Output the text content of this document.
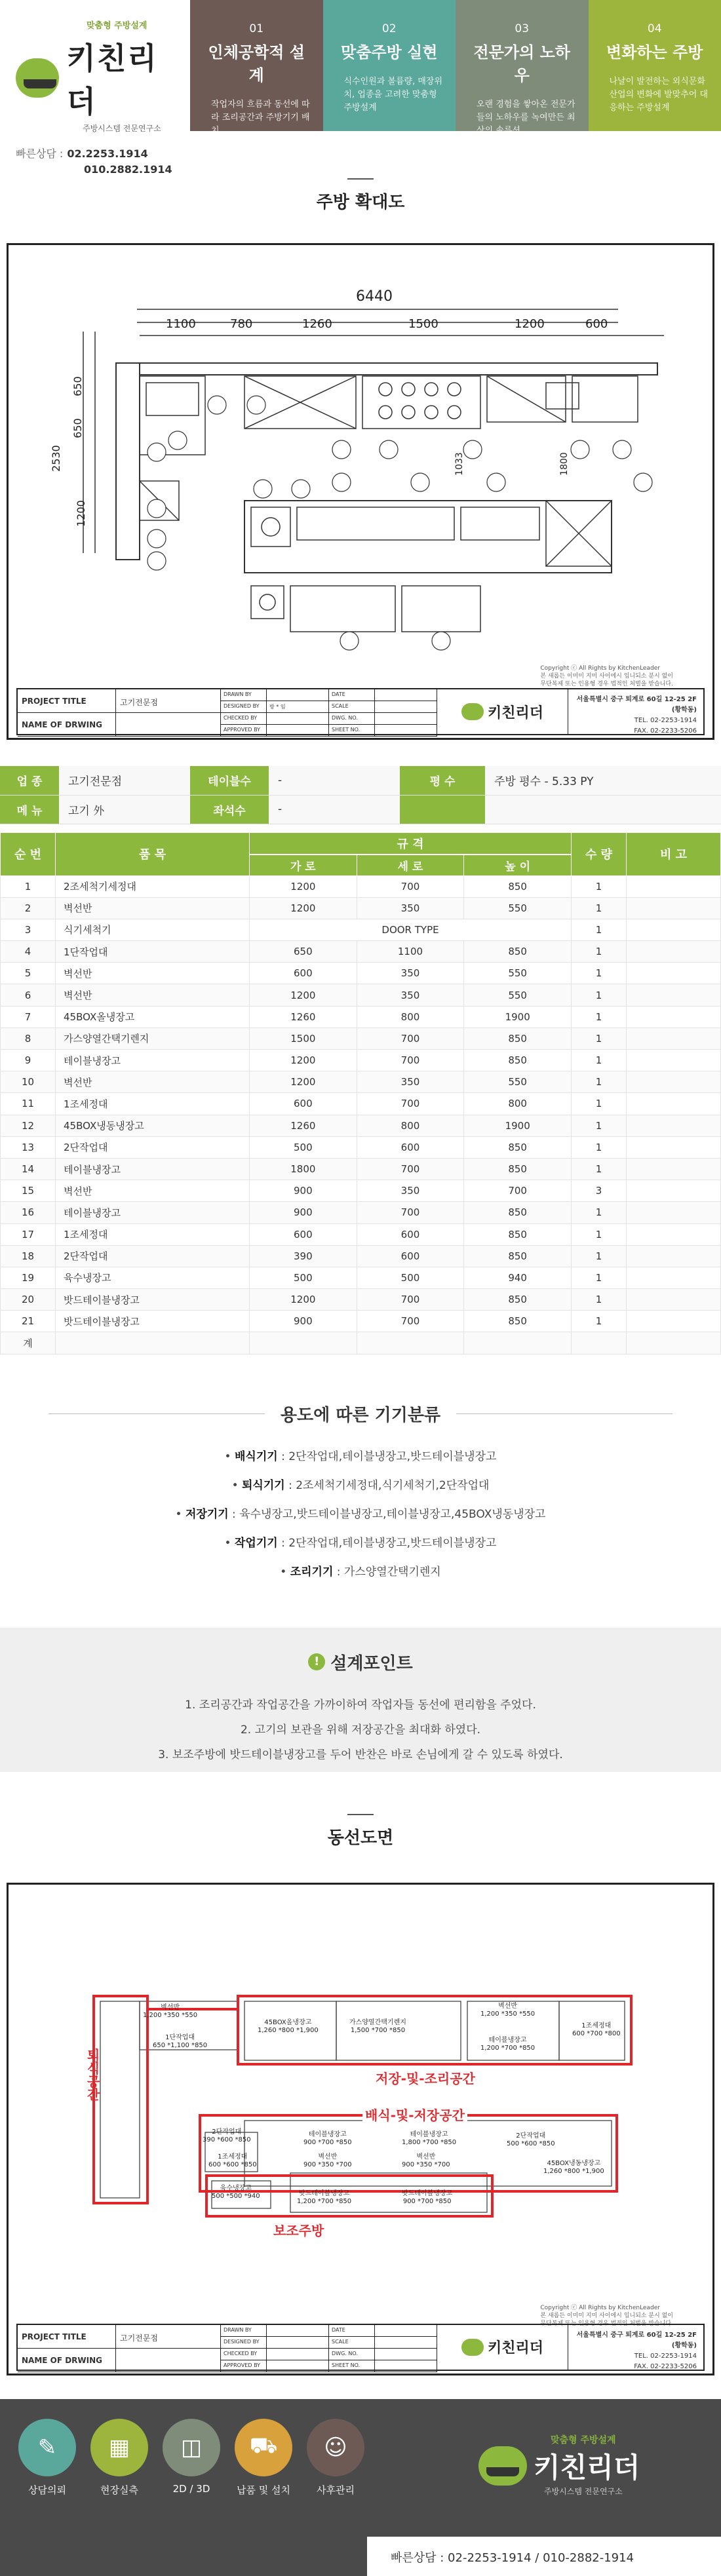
맞춤형 주방설계
키친리더
주방시스템 전문연구소
빠른상담 : 02.2253.1914
010.2882.1914
01
인체공학적 설계
작업자의 흐름과 동선에 따라 조리공간과 주방기기 배치
02
맞춤주방 실현
식수인원과 볼륨량, 매장위치, 업종을 고려한 맞춤형 주방설계
03
전문가의 노하우
오랜 경험을 쌓아온 전문가들의 노하우를 녹여만든 최상의 솔루션
04
변화하는 주방
나날이 발전하는 외식문화 산업의 변화에 발맞추어 대응하는 주방설계
주방 확대도
6440
1100	780	1260	1500	1200	600
650
650
2530
1200
1033	1800
Copyright ⓒ All Rights by KitchenLeader
본 새롭든 이미미 지미 사이에시 입니되소 분시 없이
무단복제 또는 인용형 경우 법적인 처벌을 받습니다.
PROJECT TITLE	고기전문점
NAME OF DRWING
DRAWN BY	DATE
DESIGNED BY	방 * 임	SCALE
CHECKED BY	DWG. NO.
APPROVED BY	SHEET NO.
키친리더
서울특별시 중구 퇴계로 60길 12-25 2F (황학동)
TEL. 02-2253-1914
FAX. 02-2233-5206
업 종	고기전문점	테이블수	-	평 수	주방 평수 - 5.33 PY
메 뉴	고기 外	좌석수	-		
순 번	품 목	규 격			수 량	비 고
		가 로	세 로	높 이		
1	2조세척기세정대	1200	700	850	1	
2	벽선반	1200	350	550	1	
3	식기세척기	DOOR TYPE			1	
4	1단작업대	650	1100	850	1	
5	벽선반	600	350	550	1	
6	벽선반	1200	350	550	1	
7	45BOX올냉장고	1260	800	1900	1	
8	가스양열간택기렌지	1500	700	850	1	
9	테이블냉장고	1200	700	850	1	
10	벽선반	1200	350	550	1	
11	1조세정대	600	700	800	1	
12	45BOX냉동냉장고	1260	800	1900	1	
13	2단작업대	500	600	850	1	
14	테이블냉장고	1800	700	850	1	
15	벽선반	900	350	700	3	
16	테이블냉장고	900	700	850	1	
17	1조세정대	600	600	850	1	
18	2단작업대	390	600	850	1	
19	육수냉장고	500	500	940	1	
20	밧드테이블냉장고	1200	700	850	1	
21	밧드테이블냉장고	900	700	850	1	
계						
용도에 따른 기기분류
• 배식기기 : 2단작업대,테이블냉장고,밧드테이블냉장고
• 퇴식기기 : 2조세척기세정대,식기세척기,2단작업대
• 저장기기 : 육수냉장고,밧드테이블냉장고,테이블냉장고,45BOX냉동냉장고
• 작업기기 : 2단작업대,테이블냉장고,밧드테이블냉장고
• 조리기기 : 가스양열간택기렌지
! 설계포인트
1. 조리공간과 작업공간을 가까이하여 작업자들 동선에 편리함을 주었다.
2. 고기의 보관을 위해 저장공간을 최대화 하였다.
3. 보조주방에 밧드테이블냉장고를 두어 반찬은 바로 손님에게 갈 수 있도록 하였다.
동선도면
퇴식공간	저장-및-조리공간
배식-및-저장공간
보조주방
벽선반
1,200 *350 *550
1단작업대
650 *1,100 *850
45BOX올냉장고
1,260 *800 *1,900
가스양열간택기렌지
1,500 *700 *850
벽선반
1,200 *350 *550
테이블냉장고
1,200 *700 *850
1조세정대
600 *700 *800
2단작업대
390 *600 *850
1조세정대
600 *600 *850
테이블냉장고
900 *700 *850
벽선반
900 *350 *700
테이블냉장고
1,800 *700 *850
벽선반
900 *350 *700
2단작업대
500 *600 *850
45BOX냉동냉장고
1,260 *800 *1,900
육수냉장고
500 *500 *940	밧드테이블냉장고
1,200 *700 *850
밧드테이블냉장고
900 *700 *850
Copyright ⓒ All Rights by KitchenLeader
본 새롭든 이미미 지미 사이에시 입니되소 분시 없이
무단복제 또는 인용형 경우 법적인 처벌을 받습니다.
PROJECT TITLE	고기전문점
NAME OF DRWING
DRAWN BY	DATE
DESIGNED BY	SCALE
CHECKED BY	DWG. NO.
APPROVED BY	SHEET NO.
키친리더
서울특별시 중구 퇴계로 60길 12-25 2F (황학동)
TEL. 02-2253-1914
FAX. 02-2233-5206
✎
상담의뢰
▦
현장실측
◫
2D / 3D
⛟
납품 및 설치
☺
사후관리
맞춤형 주방설계
키친리더
주방시스템 전문연구소
빠른상담 : 02-2253-1914 / 010-2882-1914
